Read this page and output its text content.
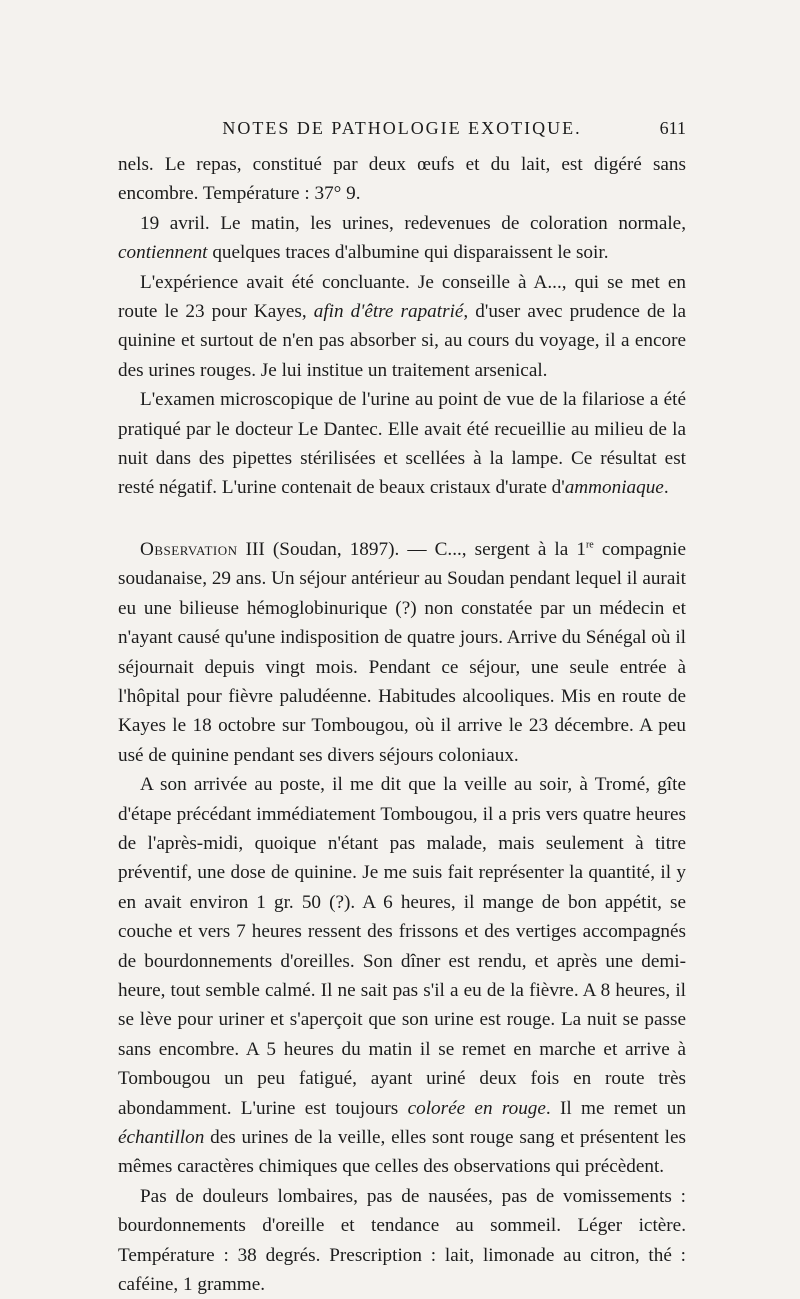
NOTES DE PATHOLOGIE EXOTIQUE.	611

nels. Le repas, constitué par deux œufs et du lait, est digéré sans encombre. Température : 37° 9.

19 avril. Le matin, les urines, redevenues de coloration normale, contiennent quelques traces d'albumine qui disparaissent le soir.

L'expérience avait été concluante. Je conseille à A..., qui se met en route le 23 pour Kayes, afin d'être rapatrié, d'user avec prudence de la quinine et surtout de n'en pas absorber si, au cours du voyage, il a encore des urines rouges. Je lui institue un traitement arsenical.

L'examen microscopique de l'urine au point de vue de la filariose a été pratiqué par le docteur Le Dantec. Elle avait été recueillie au milieu de la nuit dans des pipettes stérilisées et scellées à la lampe. Ce résultat est resté négatif. L'urine contenait de beaux cristaux d'urate d'ammoniaque.

Observation III (Soudan, 1897). — C..., sergent à la 1re compagnie soudanaise, 29 ans. Un séjour antérieur au Soudan pendant lequel il aurait eu une bilieuse hémoglobinurique (?) non constatée par un médecin et n'ayant causé qu'une indisposition de quatre jours. Arrive du Sénégal où il séjournait depuis vingt mois. Pendant ce séjour, une seule entrée à l'hôpital pour fièvre paludéenne. Habitudes alcooliques. Mis en route de Kayes le 18 octobre sur Tombougou, où il arrive le 23 décembre. A peu usé de quinine pendant ses divers séjours coloniaux.

A son arrivée au poste, il me dit que la veille au soir, à Tromé, gîte d'étape précédant immédiatement Tombougou, il a pris vers quatre heures de l'après-midi, quoique n'étant pas malade, mais seulement à titre préventif, une dose de quinine. Je me suis fait représenter la quantité, il y en avait environ 1 gr. 50 (?). A 6 heures, il mange de bon appétit, se couche et vers 7 heures ressent des frissons et des vertiges accompagnés de bourdonnements d'oreilles. Son dîner est rendu, et après une demi-heure, tout semble calmé. Il ne sait pas s'il a eu de la fièvre. A 8 heures, il se lève pour uriner et s'aperçoit que son urine est rouge. La nuit se passe sans encombre. A 5 heures du matin il se remet en marche et arrive à Tombougou un peu fatigué, ayant uriné deux fois en route très abondamment. L'urine est toujours colorée en rouge. Il me remet un échantillon des urines de la veille, elles sont rouge sang et présentent les mêmes caractères chimiques que celles des observations qui précèdent.

Pas de douleurs lombaires, pas de nausées, pas de vomissements : bourdonnements d'oreille et tendance au sommeil. Léger ictère. Température : 38 degrés. Prescription : lait, limonade au citron, thé : caféine, 1 gramme.
